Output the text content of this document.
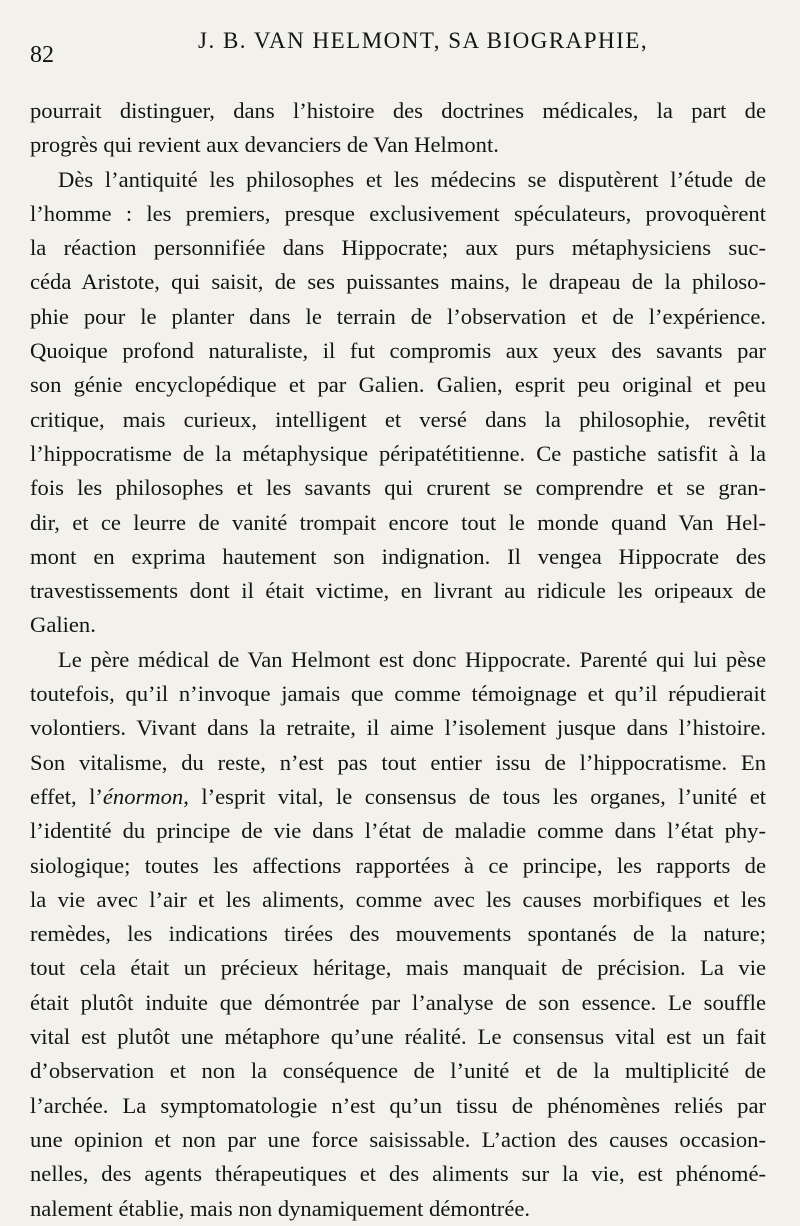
82
J. B. VAN HELMONT, SA BIOGRAPHIE,
pourrait distinguer, dans l’histoire des doctrines médicales, la part de
progrès qui revient aux devanciers de Van Helmont.
Dès l’antiquité les philosophes et les médecins se disputèrent l’étude de
l’homme : les premiers, presque exclusivement spéculateurs, provoquèrent
la réaction personnifiée dans Hippocrate; aux purs métaphysiciens suc-
céda Aristote, qui saisit, de ses puissantes mains, le drapeau de la philoso-
phie pour le planter dans le terrain de l’observation et de l’expérience.
Quoique profond naturaliste, il fut compromis aux yeux des savants par
son génie encyclopédique et par Galien. Galien, esprit peu original et peu
critique, mais curieux, intelligent et versé dans la philosophie, revêtit
l’hippocratisme de la métaphysique péripatétitienne. Ce pastiche satisfit à la
fois les philosophes et les savants qui crurent se comprendre et se gran-
dir, et ce leurre de vanité trompait encore tout le monde quand Van Hel-
mont en exprima hautement son indignation. Il vengea Hippocrate des
travestissements dont il était victime, en livrant au ridicule les oripeaux de
Galien.
Le père médical de Van Helmont est donc Hippocrate. Parenté qui lui pèse
toutefois, qu’il n’invoque jamais que comme témoignage et qu’il répudierait
volontiers. Vivant dans la retraite, il aime l’isolement jusque dans l’histoire.
Son vitalisme, du reste, n’est pas tout entier issu de l’hippocratisme. En
effet, l’énormon, l’esprit vital, le consensus de tous les organes, l’unité et
l’identité du principe de vie dans l’état de maladie comme dans l’état phy-
siologique; toutes les affections rapportées à ce principe, les rapports de
la vie avec l’air et les aliments, comme avec les causes morbifiques et les
remèdes, les indications tirées des mouvements spontanés de la nature;
tout cela était un précieux héritage, mais manquait de précision. La vie
était plutôt induite que démontrée par l’analyse de son essence. Le souffle
vital est plutôt une métaphore qu’une réalité. Le consensus vital est un fait
d’observation et non la conséquence de l’unité et de la multiplicité de
l’archée. La symptomatologie n’est qu’un tissu de phénomènes reliés par
une opinion et non par une force saisissable. L’action des causes occasion-
nelles, des agents thérapeutiques et des aliments sur la vie, est phénomé-
nalement établie, mais non dynamiquement démontrée.
